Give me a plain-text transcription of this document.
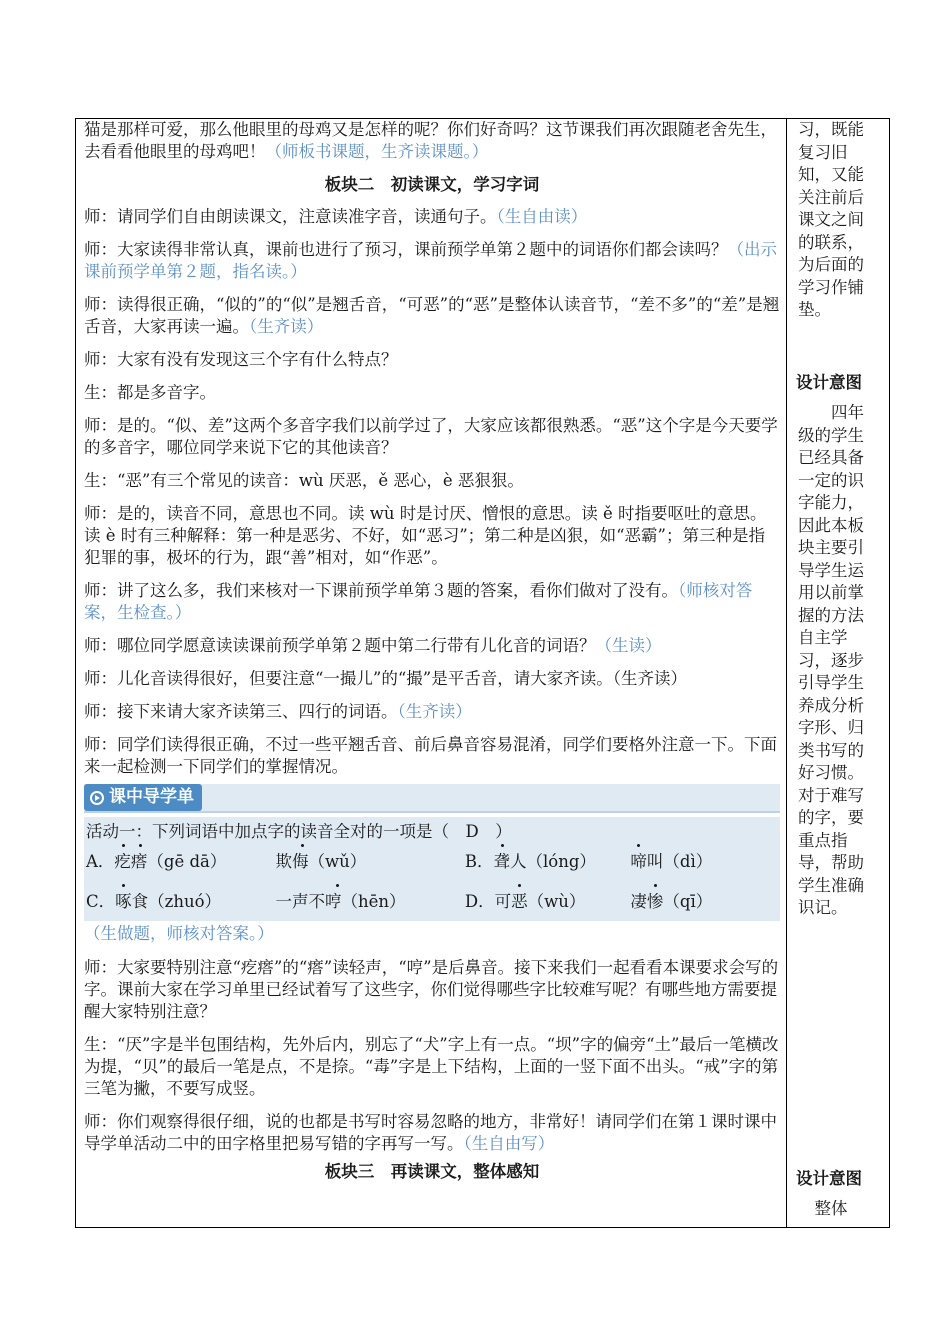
猫是那样可爱，那么他眼里的母鸡又是怎样的呢？你们好奇吗？这节课我们再次跟随老舍先生，去看看他眼里的母鸡吧！（师板书课题，生齐读课题。）

板块二　初读课文，学习字词

师：请同学们自由朗读课文，注意读准字音，读通句子。（生自由读）

师：大家读得非常认真，课前也进行了预习，课前预学单第２题中的词语你们都会读吗？（出示课前预学单第２题，指名读。）

师：读得很正确，“似的”的“似”是翘舌音，“可恶”的“恶”是整体认读音节，“差不多”的“差”是翘舌音，大家再读一遍。（生齐读）

师：大家有没有发现这三个字有什么特点？

生：都是多音字。

师：是的。“似、差”这两个多音字我们以前学过了，大家应该都很熟悉。“恶”这个字是今天要学的多音字，哪位同学来说下它的其他读音？

生：“恶”有三个常见的读音：wù 厌恶，ě 恶心，è 恶狠狠。

师：是的，读音不同，意思也不同。读 wù 时是讨厌、憎恨的意思。读 ě 时指要呕吐的意思。读 è 时有三种解释：第一种是恶劣、不好，如“恶习”；第二种是凶狠，如“恶霸”；第三种是指犯罪的事，极坏的行为，跟“善”相对，如“作恶”。

师：讲了这么多，我们来核对一下课前预学单第３题的答案，看你们做对了没有。（师核对答案，生检查。）

师：哪位同学愿意读读课前预学单第２题中第二行带有儿化音的词语？（生读）

师：儿化音读得很好，但要注意“一撮儿”的“撮”是平舌音，请大家齐读。（生齐读）

师：接下来请大家齐读第三、四行的词语。（生齐读）

师：同学们读得很正确，不过一些平翘舌音、前后鼻音容易混淆，同学们要格外注意一下。下面来一起检测一下同学们的掌握情况。

课中导学单
活动一：下列词语中加点字的读音全对的一项是（　D　）
A．疙瘩（gē dā）	欺侮（wǔ）	B．聋人（lóng）	啼叫（dì）
C．啄食（zhuó）	一声不哼（hēn）	D．可恶（wù）	凄惨（qī）

（生做题，师核对答案。）

师：大家要特别注意“疙瘩”的“瘩”读轻声，“哼”是后鼻音。接下来我们一起看看本课要求会写的字。课前大家在学习单里已经试着写了这些字，你们觉得哪些字比较难写呢？有哪些地方需要提醒大家特别注意？

生：“厌”字是半包围结构，先外后内，别忘了“犬”字上有一点。“坝”字的偏旁“土”最后一笔横改为提，“贝”的最后一笔是点，不是捺。“毒”字是上下结构，上面的一竖下面不出头。“戒”字的第三笔为撇，不要写成竖。

师：你们观察得很仔细，说的也都是书写时容易忽略的地方，非常好！请同学们在第１课时课中导学单活动二中的田字格里把易写错的字再写一写。（生自由写）

板块三　再读课文，整体感知
习，既能
复习旧
知，又能
关注前后
课文之间
的联系，
为后面的
学习作铺
垫。
设计意图
　　四年
级的学生
已经具备
一定的识
字能力，
因此本板
块主要引
导学生运
用以前掌
握的方法
自主学
习，逐步
引导学生
养成分析
字形、归
类书写的
好习惯。
对于难写
的字，要
重点指
导，帮助
学生准确
识记。
设计意图
　整体
